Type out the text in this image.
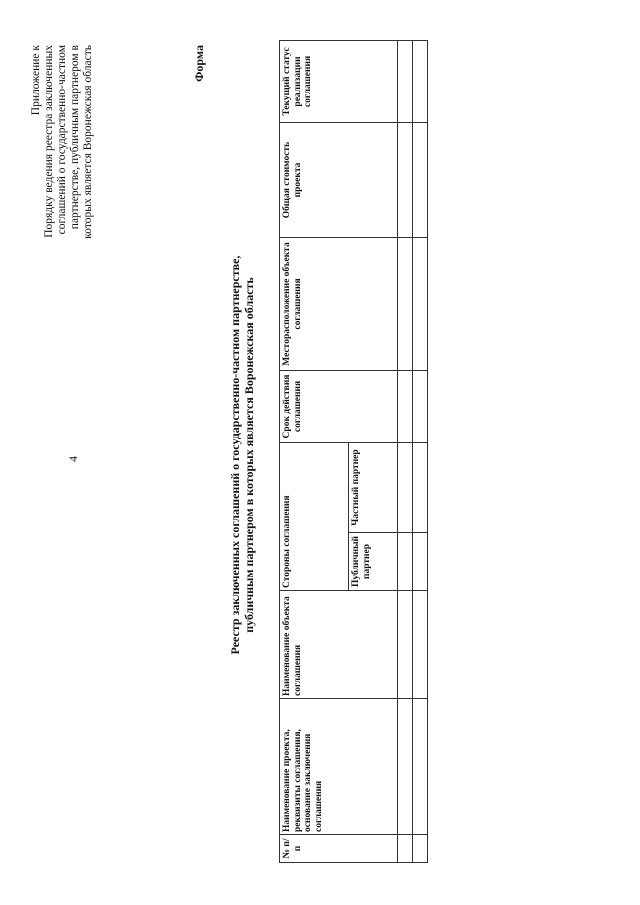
4
Приложение к Порядку ведения реестра заключенных соглашений о государственно-частном партнерстве, публичным партнером в которых является Воронежская область	Форма
Реестр заключенных соглашений о государственно-частном партнерстве, публичным партнером в которых является Воронежская область
№ п/п	Наименование проекта, реквизиты соглашения, основание заключения соглашения	Наименование объекта соглашения	Стороны соглашения		Срок действия соглашения	Месторасположение объекта соглашения	Общая стоимость проекта	Текущий статус реализации соглашения
			Публичный партнер	Частный партнер				
